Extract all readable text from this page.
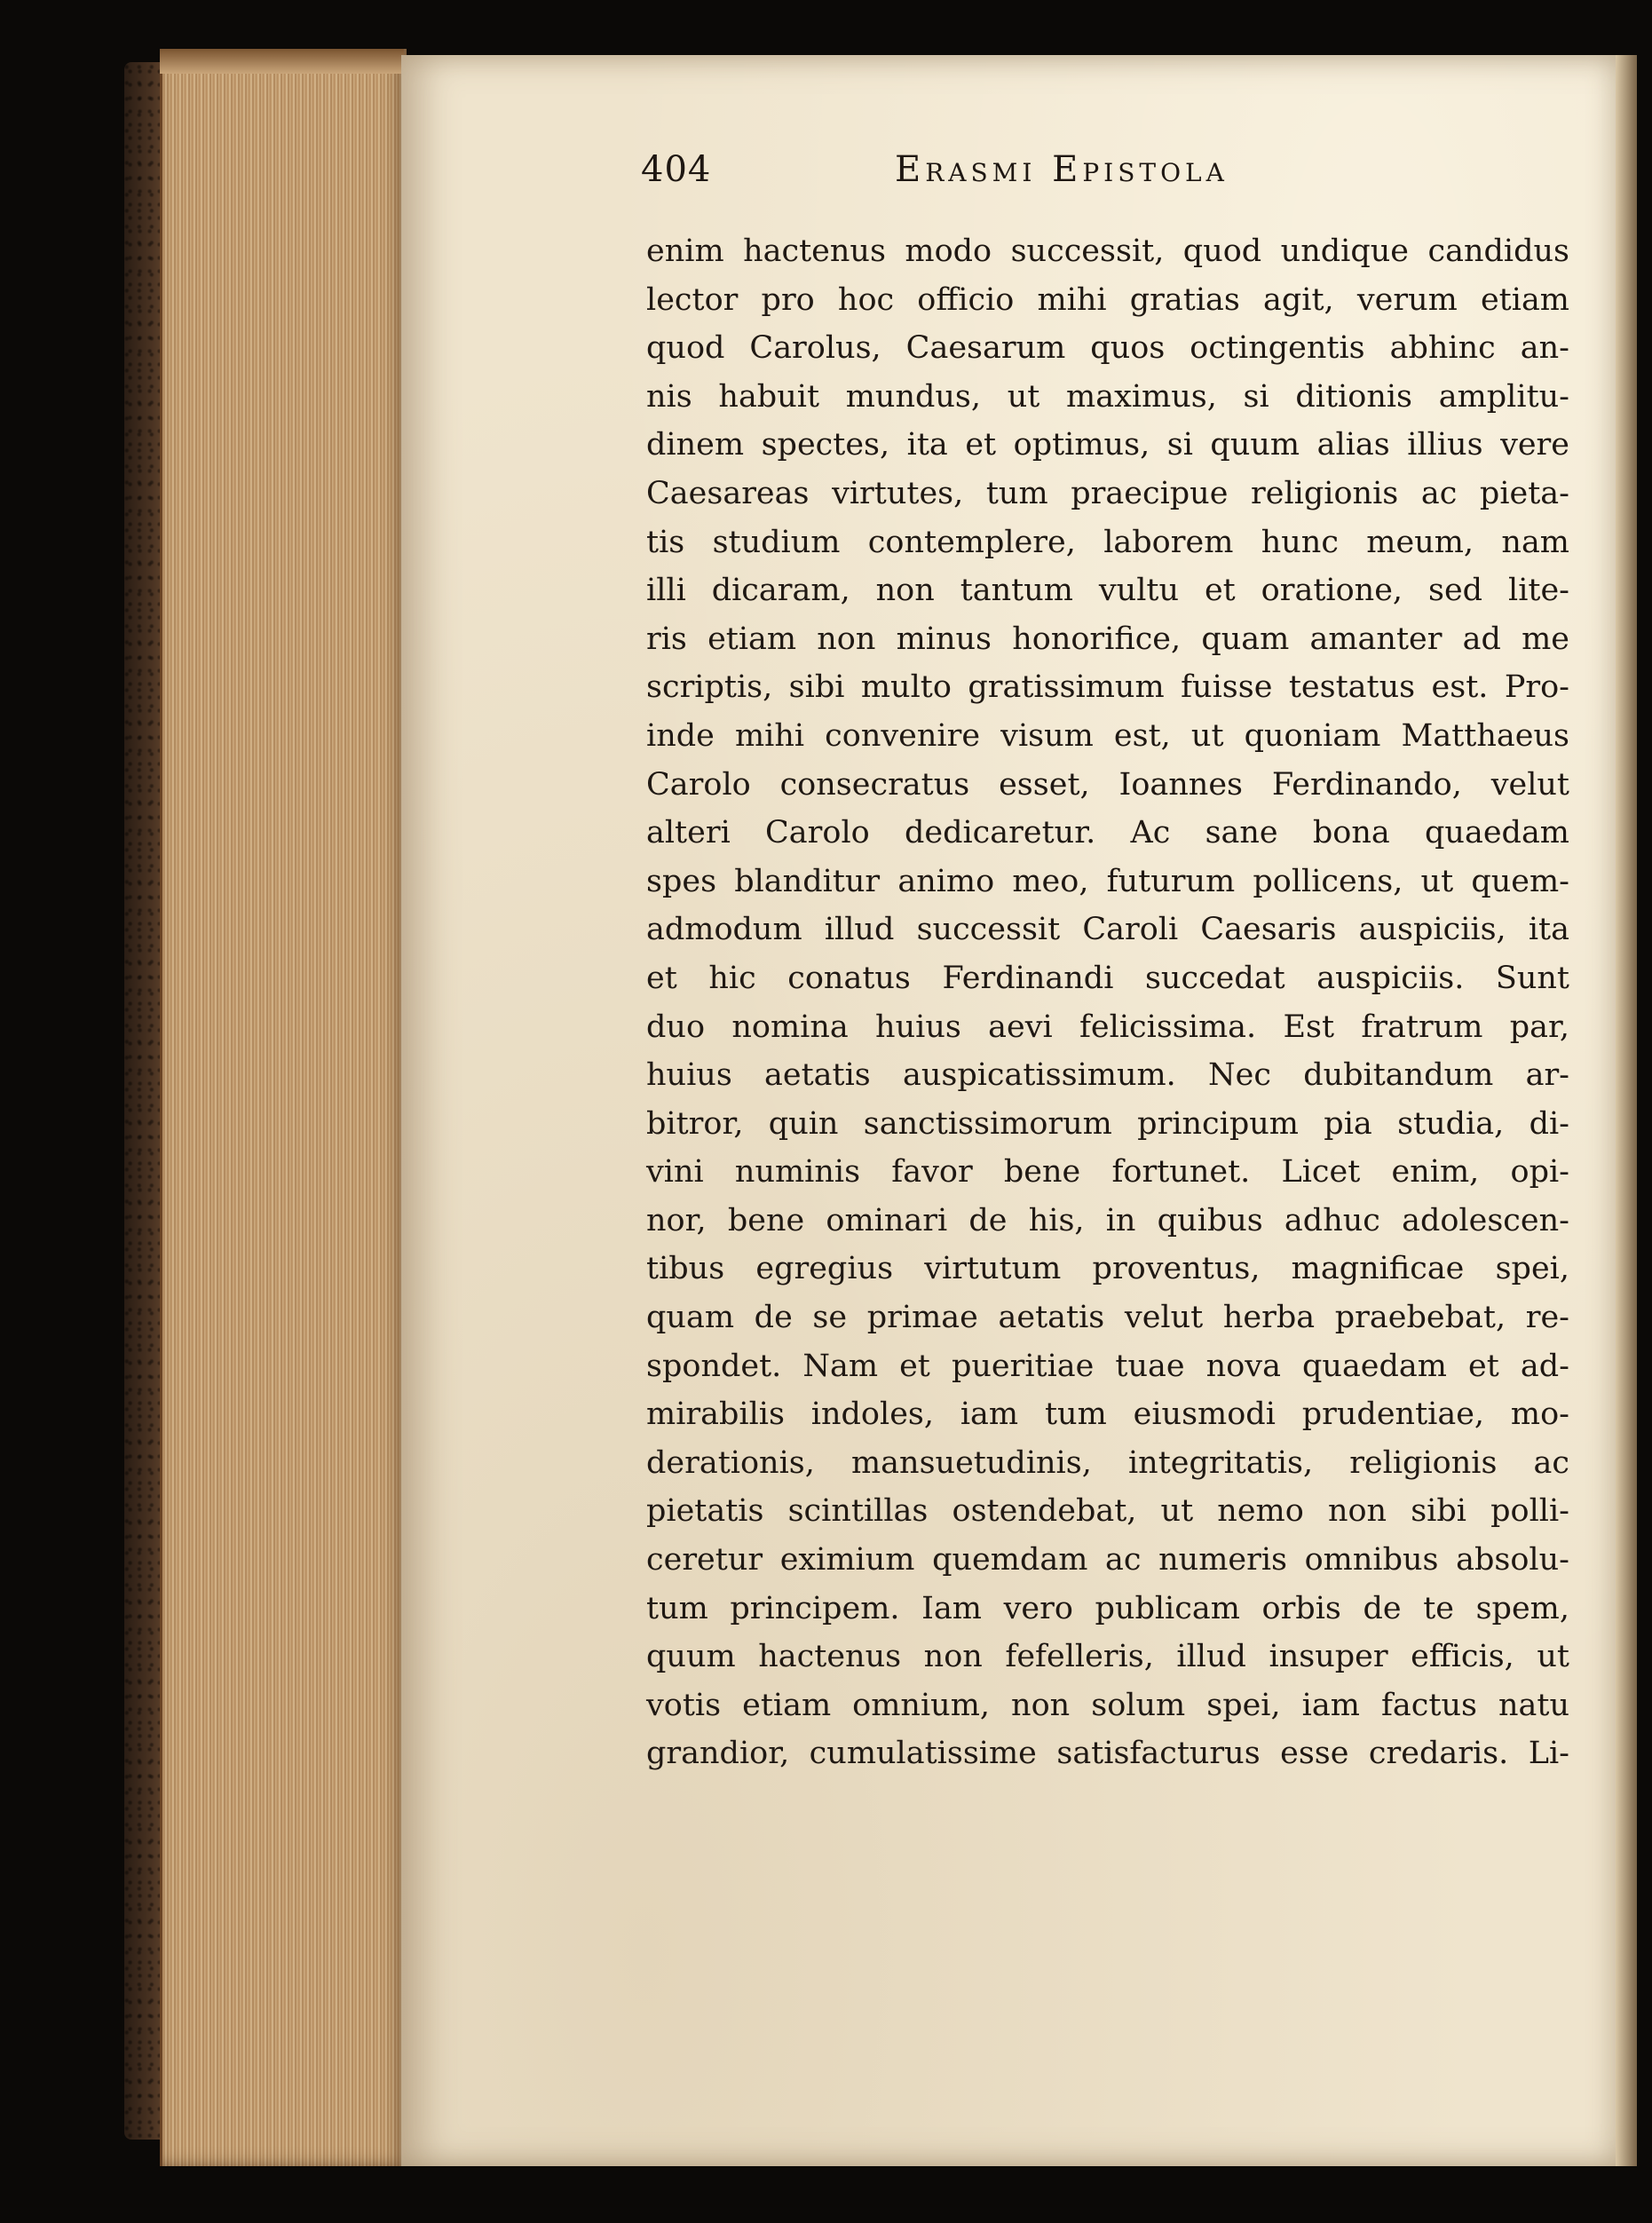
404	Erasmi Epistola
enim hactenus modo successit, quod undique candidus
lector pro hoc officio mihi gratias agit, verum etiam
quod Carolus, Caesarum quos octingentis abhinc an-
nis habuit mundus, ut maximus, si ditionis amplitu-
dinem spectes, ita et optimus, si quum alias illius vere
Caesareas virtutes, tum praecipue religionis ac pieta-
tis studium contemplere, laborem hunc meum, nam
illi dicaram, non tantum vultu et oratione, sed lite-
ris etiam non minus honorifice, quam amanter ad me
scriptis, sibi multo gratissimum fuisse testatus est. Pro-
inde mihi convenire visum est, ut quoniam Matthaeus
Carolo consecratus esset, Ioannes Ferdinando, velut
alteri Carolo dedicaretur. Ac sane bona quaedam
spes blanditur animo meo, futurum pollicens, ut quem-
admodum illud successit Caroli Caesaris auspiciis, ita
et hic conatus Ferdinandi succedat auspiciis. Sunt
duo nomina huius aevi felicissima. Est fratrum par,
huius aetatis auspicatissimum. Nec dubitandum ar-
bitror, quin sanctissimorum principum pia studia, di-
vini numinis favor bene fortunet. Licet enim, opi-
nor, bene ominari de his, in quibus adhuc adolescen-
tibus egregius virtutum proventus, magnificae spei,
quam de se primae aetatis velut herba praebebat, re-
spondet. Nam et pueritiae tuae nova quaedam et ad-
mirabilis indoles, iam tum eiusmodi prudentiae, mo-
derationis, mansuetudinis, integritatis, religionis ac
pietatis scintillas ostendebat, ut nemo non sibi polli-
ceretur eximium quemdam ac numeris omnibus absolu-
tum principem. Iam vero publicam orbis de te spem,
quum hactenus non fefelleris, illud insuper efficis, ut
votis etiam omnium, non solum spei, iam factus natu
grandior, cumulatissime satisfacturus esse credaris. Li-
